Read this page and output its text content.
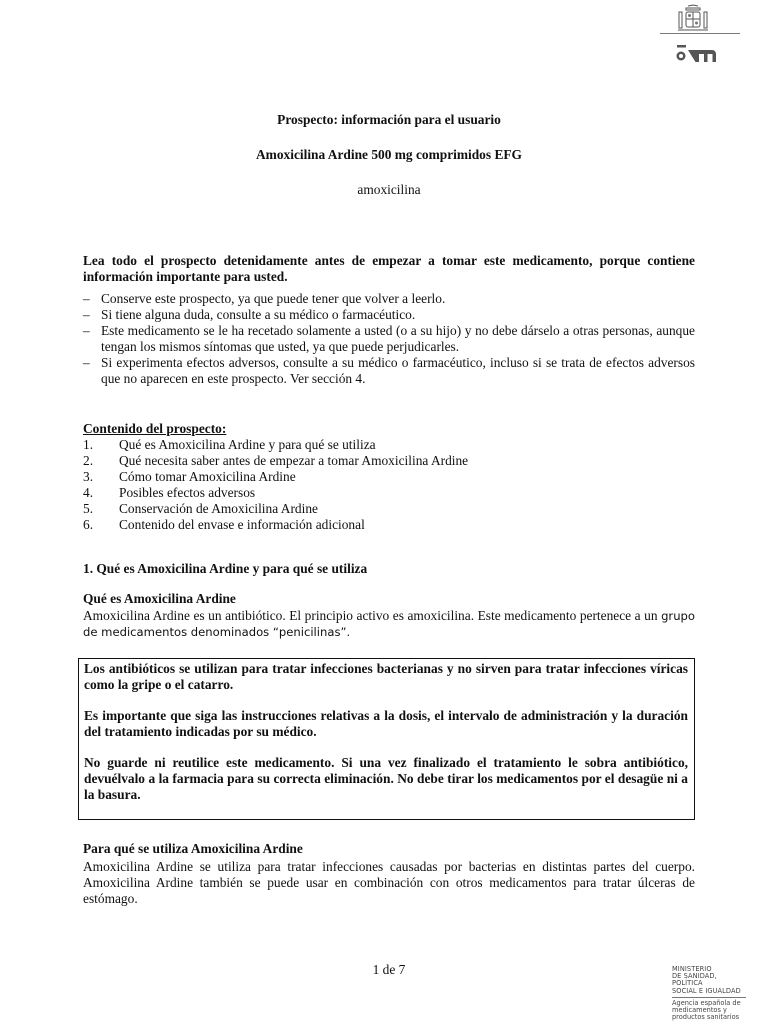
Prospecto: información para el usuario
Amoxicilina Ardine 500 mg comprimidos EFG
amoxicilina
Lea todo el prospecto detenidamente antes de empezar a tomar este medicamento, porque contiene información importante para usted.
– Conserve este prospecto, ya que puede tener que volver a leerlo.
– Si tiene alguna duda, consulte a su médico o farmacéutico.
– Este medicamento se le ha recetado solamente a usted (o a su hijo) y no debe dárselo a otras personas, aunque tengan los mismos síntomas que usted, ya que puede perjudicarles.
– Si experimenta efectos adversos, consulte a su médico o farmacéutico, incluso si se trata de efectos adversos que no aparecen en este prospecto. Ver sección 4.
Contenido del prospecto:
1.	Qué es Amoxicilina Ardine y para qué se utiliza
2.	Qué necesita saber antes de empezar a tomar Amoxicilina Ardine
3.	Cómo tomar Amoxicilina Ardine
4.	Posibles efectos adversos
5.	Conservación de Amoxicilina Ardine
6.	Contenido del envase e información adicional
1. Qué es Amoxicilina Ardine y para qué se utiliza
Qué es Amoxicilina Ardine
Amoxicilina Ardine es un antibiótico. El principio activo es amoxicilina. Este medicamento pertenece a un grupo de medicamentos denominados “penicilinas”.

Los antibióticos se utilizan para tratar infecciones bacterianas y no sirven para tratar infecciones víricas como la gripe o el catarro.

Es importante que siga las instrucciones relativas a la dosis, el intervalo de administración y la duración del tratamiento indicadas por su médico.

No guarde ni reutilice este medicamento. Si una vez finalizado el tratamiento le sobra antibiótico, devuélvalo a la farmacia para su correcta eliminación. No debe tirar los medicamentos por el desagüe ni a la basura.

Para qué se utiliza Amoxicilina Ardine
Amoxicilina Ardine se utiliza para tratar infecciones causadas por bacterias en distintas partes del cuerpo. Amoxicilina Ardine también se puede usar en combinación con otros medicamentos para tratar úlceras de estómago.
1 de 7	MINISTERIO
DE SANIDAD, POLÍTICA
SOCIAL E IGUALDAD
Agencia española de
medicamentos y
productos sanitarios
